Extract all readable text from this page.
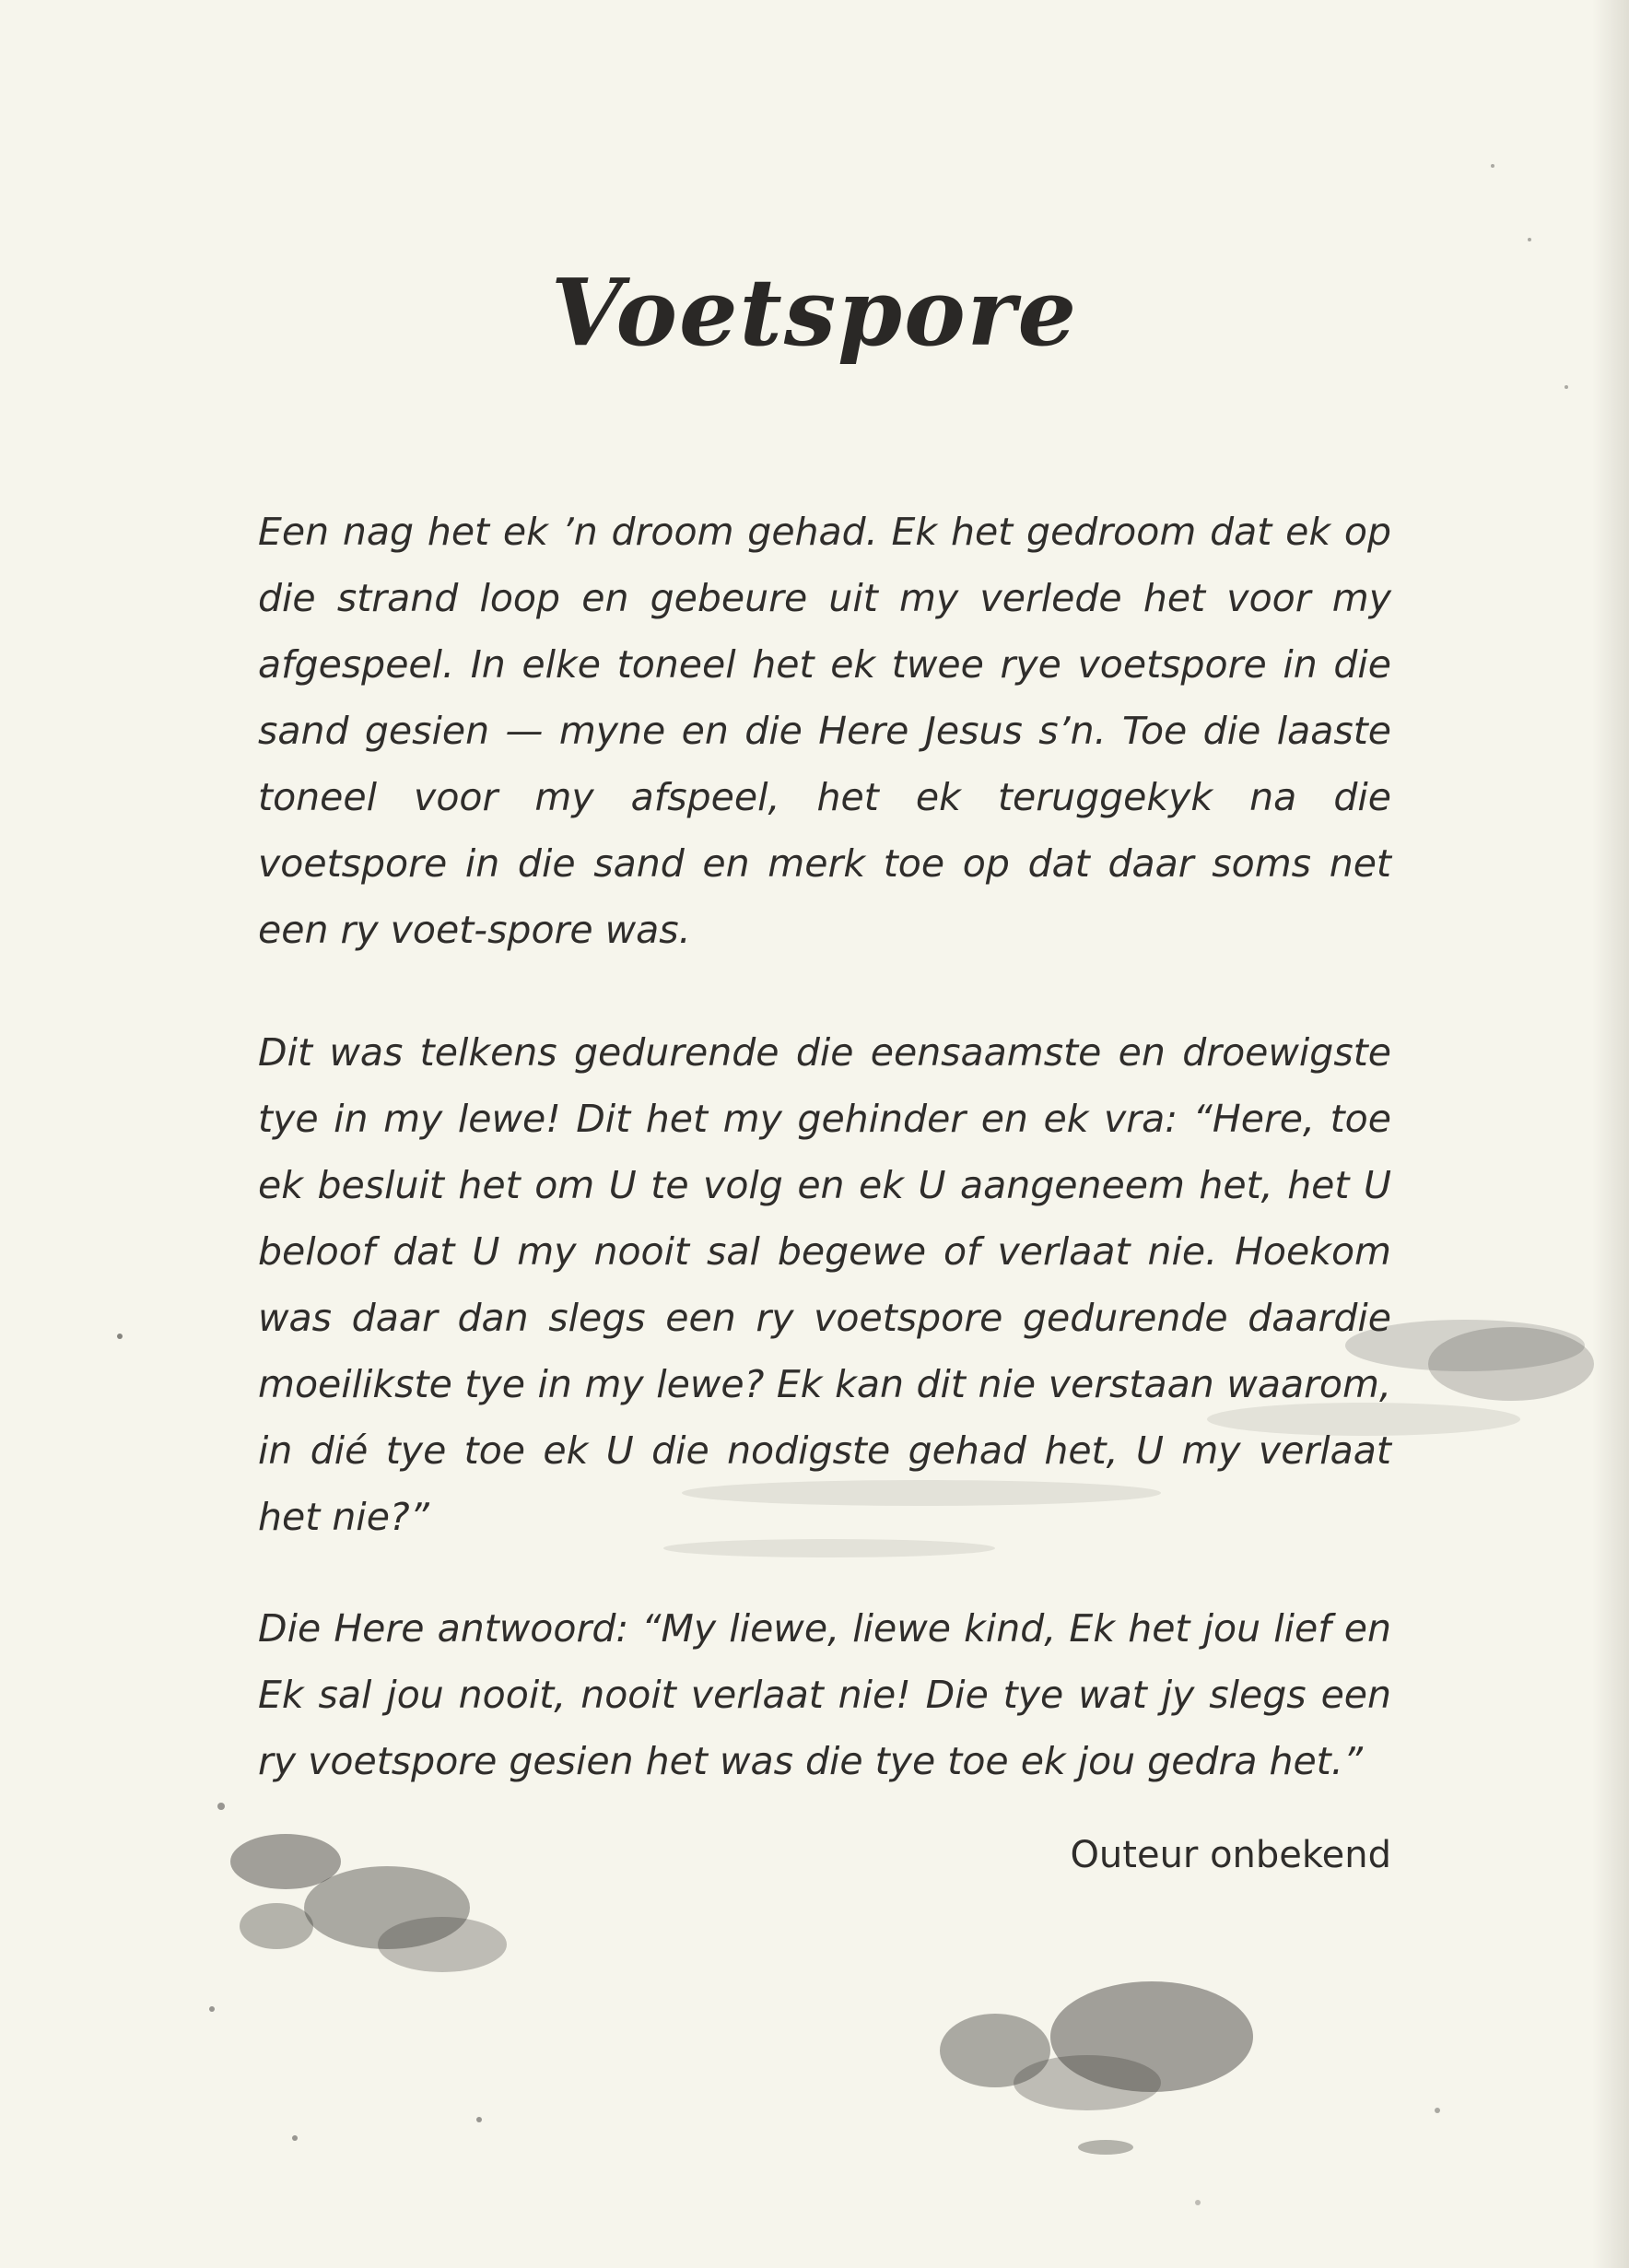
Voetspore

Een nag het ek ’n droom gehad. Ek het gedroom dat ek op die strand loop en gebeure uit my verlede het voor my afgespeel. In elke toneel het ek twee rye voetspore in die sand gesien — myne en die Here Jesus s’n. Toe die laaste toneel voor my afspeel, het ek teruggekyk na die voetspore in die sand en merk toe op dat daar soms net een ry voet-spore was.

Dit was telkens gedurende die eensaamste en droewigste tye in my lewe! Dit het my gehinder en ek vra: “Here, toe ek besluit het om U te volg en ek U aangeneem het, het U beloof dat U my nooit sal begewe of verlaat nie. Hoekom was daar dan slegs een ry voetspore gedurende daardie moeilikste tye in my lewe? Ek kan dit nie verstaan waarom, in dié tye toe ek U die nodigste gehad het, U my verlaat het nie?”

Die Here antwoord: “My liewe, liewe kind, Ek het jou lief en Ek sal jou nooit, nooit verlaat nie! Die tye wat jy slegs een ry voetspore gesien het was die tye toe ek jou gedra het.”

Outeur onbekend
